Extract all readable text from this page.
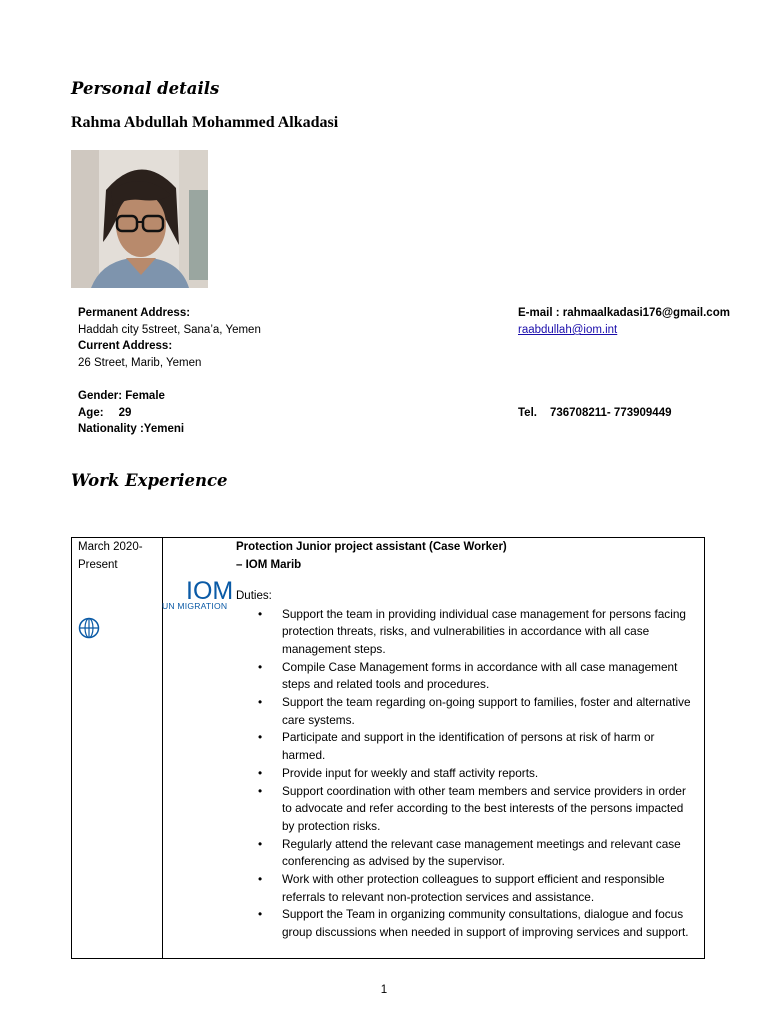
Personal details
Rahma Abdullah Mohammed Alkadasi
Permanent Address:
Haddah city 5street, Sana’a, Yemen
Current Address:
26 Street, Marib, Yemen
Gender: Female
Age: 29
Nationality :Yemeni
E-mail : rahmaalkadasi176@gmail.com
raabdullah@iom.int
Tel. 736708211- 773909449
Work Experience
March 2020-
Present
IOM
UN MIGRATION

Protection Junior project assistant (Case Worker)
– IOM Marib
Duties:
• Support the team in providing individual case management for persons facing protection threats, risks, and vulnerabilities in accordance with all case management steps.
• Compile Case Management forms in accordance with all case management steps and related tools and procedures.
• Support the team regarding on-going support to families, foster and alternative care systems.
• Participate and support in the identification of persons at risk of harm or harmed.
• Provide input for weekly and staff activity reports.
• Support coordination with other team members and service providers in order to advocate and refer according to the best interests of the persons impacted by protection risks.
• Regularly attend the relevant case management meetings and relevant case conferencing as advised by the supervisor.
• Work with other protection colleagues to support efficient and responsible referrals to relevant non-protection services and assistance.
• Support the Team in organizing community consultations, dialogue and focus group discussions when needed in support of improving services and support.
1
